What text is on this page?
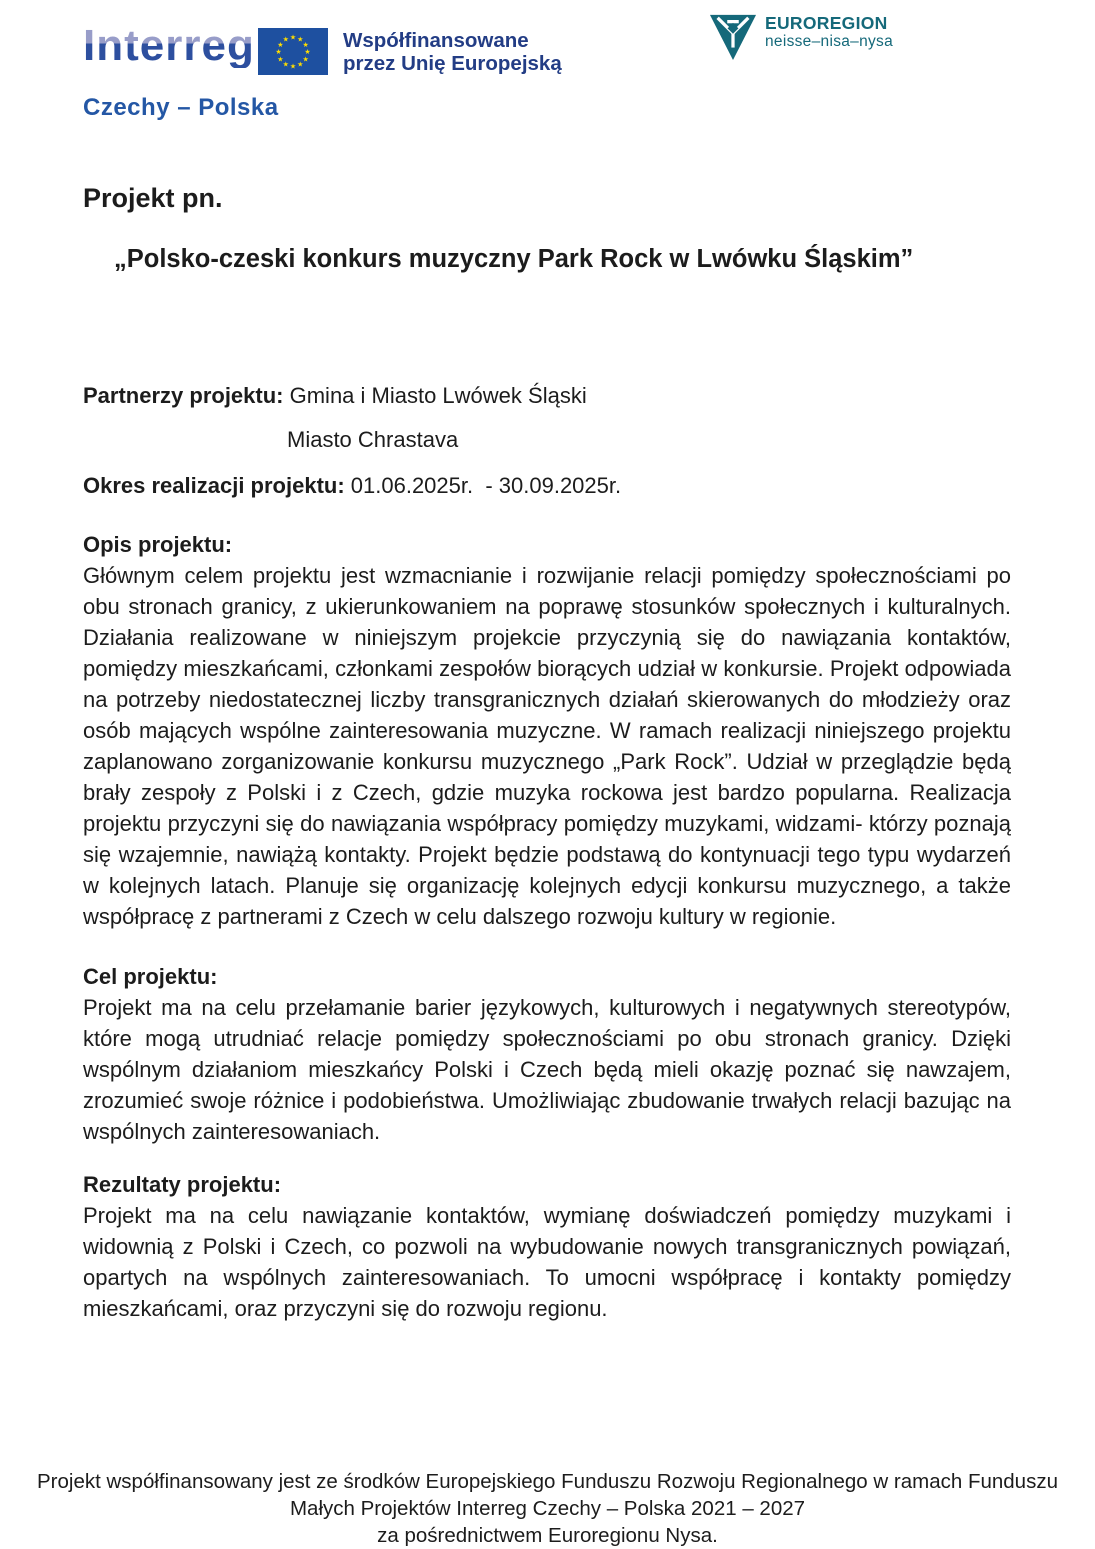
Interreg
Czechy – Polska
★ ★
★
★
★
★
★
★
★
★
★
★	Współfinansowane
przez Unię Europejską
EUROREGION
neisse–nisa–nysa
Projekt pn.
„Polsko-czeski konkurs muzyczny Park Rock w Lwówku Śląskim”
Partnerzy projektu: Gmina i Miasto Lwówek Śląski
Miasto Chrastava
Okres realizacji projektu: 01.06.2025r.  - 30.09.2025r.
Opis projektu:
Głównym celem projektu jest wzmacnianie i rozwijanie relacji pomiędzy społecznościami po obu stronach granicy, z ukierunkowaniem na poprawę stosunków społecznych i kulturalnych. Działania realizowane w niniejszym projekcie przyczynią się do nawiązania kontaktów, pomiędzy mieszkańcami, członkami zespołów biorących udział w konkursie. Projekt odpowiada na potrzeby niedostatecznej liczby transgranicznych działań skierowanych do młodzieży oraz osób mających wspólne zainteresowania muzyczne. W ramach realizacji niniejszego projektu zaplanowano zorganizowanie konkursu muzycznego „Park Rock”. Udział w przeglądzie będą brały zespoły z Polski i z Czech, gdzie muzyka rockowa jest bardzo popularna. Realizacja projektu przyczyni się do nawiązania współpracy pomiędzy muzykami, widzami- którzy poznają się wzajemnie, nawiążą kontakty. Projekt będzie podstawą do kontynuacji tego typu wydarzeń w kolejnych latach. Planuje się organizację kolejnych edycji konkursu muzycznego, a także współpracę z partnerami z Czech w celu dalszego rozwoju kultury w regionie.
Cel projektu:
Projekt ma na celu przełamanie barier językowych, kulturowych i negatywnych stereotypów, które mogą utrudniać relacje pomiędzy społecznościami po obu stronach granicy. Dzięki wspólnym działaniom mieszkańcy Polski i Czech będą mieli okazję poznać się nawzajem, zrozumieć swoje różnice i podobieństwa. Umożliwiając zbudowanie trwałych relacji bazując na wspólnych zainteresowaniach.
Rezultaty projektu:
Projekt ma na celu nawiązanie kontaktów, wymianę doświadczeń pomiędzy muzykami i widownią z Polski i Czech, co pozwoli na wybudowanie nowych transgranicznych powiązań, opartych na wspólnych zainteresowaniach. To umocni współpracę i kontakty pomiędzy mieszkańcami, oraz przyczyni się do rozwoju regionu.
Projekt współfinansowany jest ze środków Europejskiego Funduszu Rozwoju Regionalnego w ramach Funduszu
Małych Projektów Interreg Czechy – Polska 2021 – 2027
za pośrednictwem Euroregionu Nysa.
